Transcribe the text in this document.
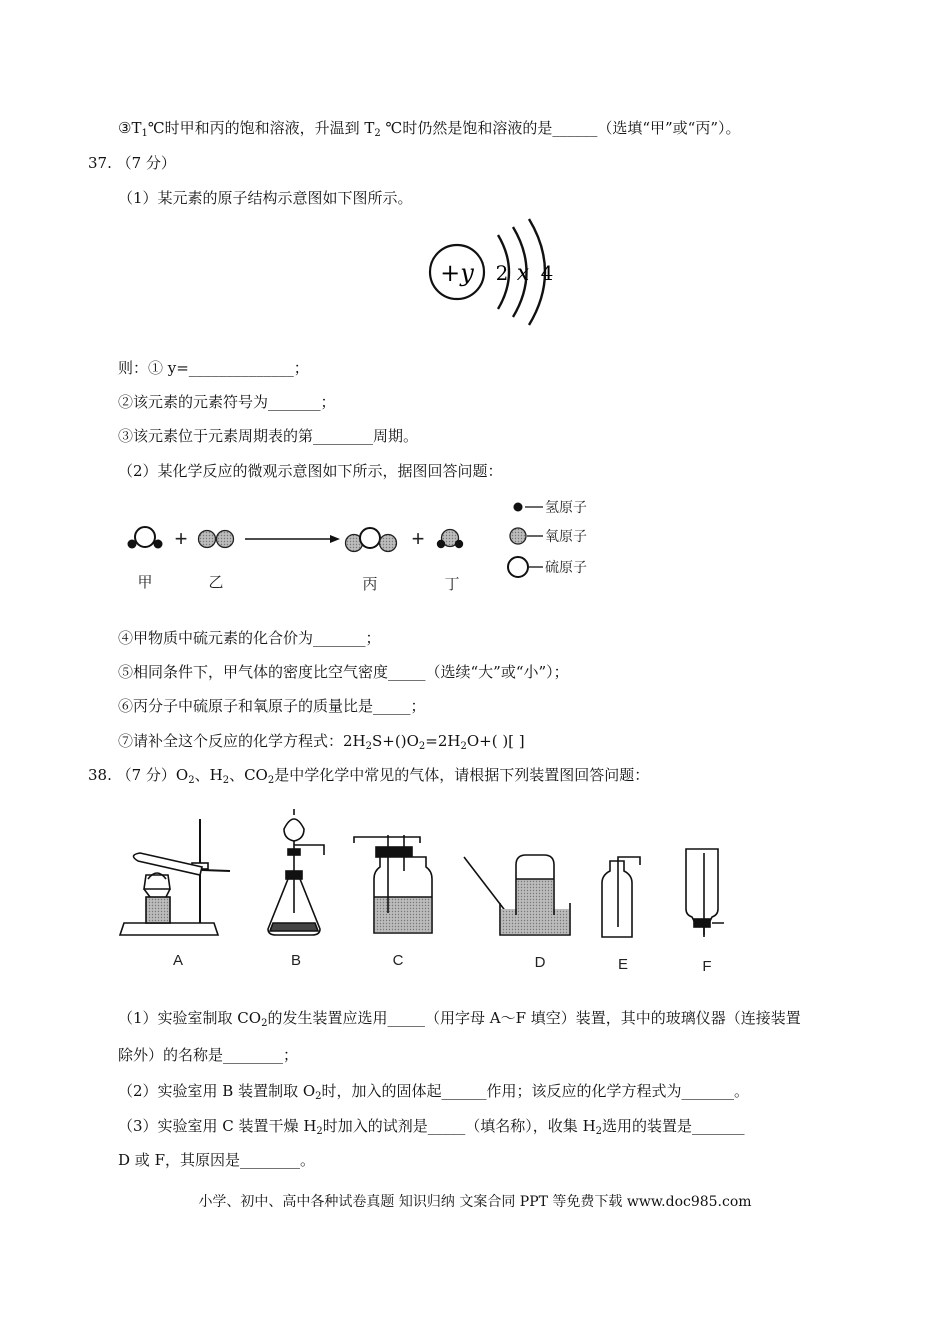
$③T_1℃$时甲和丙的饱和溶液，升温到 $T_2$ ℃时仍然是饱和溶液的是______（选填“甲”或“丙”）。
37. （7 分）
（1）某元素的原子结构示意图如下图所示。
+y 2 x 4
则：① y=______________；
②该元素的元素符号为_______；
③该元素位于元素周期表的第________周期。
（2）某化学反应的微观示意图如下所示，据图回答问题：
+	+
甲	乙	丙	丁
氢原子
氧原子
硫原子
④甲物质中硫元素的化合价为_______；
⑤相同条件下，甲气体的密度比空气密度_____（选续“大”或“小”）；
⑥丙分子中硫原子和氧原子的质量比是_____；
⑦请补全这个反应的化学方程式：$2H_2S+()O_2=2H_2O+$( )[ ]
38. （7 分）$O_2$、$H_2$、$CO_2$是中学化学中常见的气体，请根据下列装置图回答问题：
A	B	C	D	E	F
（1）实验室制取 $CO_2$的发生装置应选用_____（用字母 A～F 填空）装置，其中的玻璃仪器（连接装置
除外）的名称是________；
（2）实验室用 B 装置制取 $O_2$时，加入的固体起______作用；该反应的化学方程式为_______。
（3）实验室用 C 装置干燥 $H_2$时加入的试剂是_____（填名称），收集 $H_2$选用的装置是_______
D 或 F，其原因是________。
小学、初中、高中各种试卷真题 知识归纳 文案合同 PPT 等免费下载 www.doc985.com
